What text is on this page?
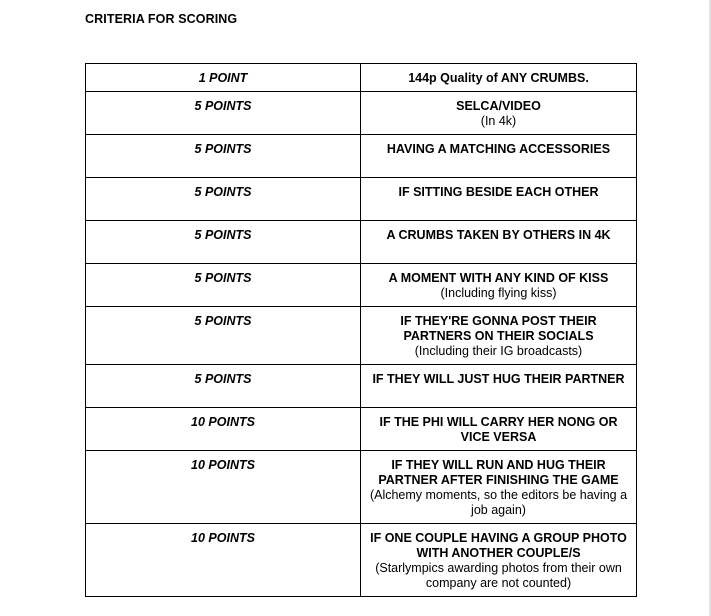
CRITERIA FOR SCORING
1 POINT	144p Quality of ANY CRUMBS.

5 POINTS	SELCA/VIDEO
(In 4k)

5 POINTS	HAVING A MATCHING ACCESSORIES

5 POINTS	IF SITTING BESIDE EACH OTHER

5 POINTS	A CRUMBS TAKEN BY OTHERS IN 4K

5 POINTS	A MOMENT WITH ANY KIND OF KISS
(Including flying kiss)

5 POINTS	IF THEY'RE GONNA POST THEIR PARTNERS ON THEIR SOCIALS
(Including their IG broadcasts)

5 POINTS	IF THEY WILL JUST HUG THEIR PARTNER

10 POINTS	IF THE PHI WILL CARRY HER NONG OR VICE VERSA

10 POINTS	IF THEY WILL RUN AND HUG THEIR PARTNER AFTER FINISHING THE GAME
(Alchemy moments, so the editors be having a job again)

10 POINTS	IF ONE COUPLE HAVING A GROUP PHOTO WITH ANOTHER COUPLE/S
(Starlympics awarding photos from their own company are not counted)
